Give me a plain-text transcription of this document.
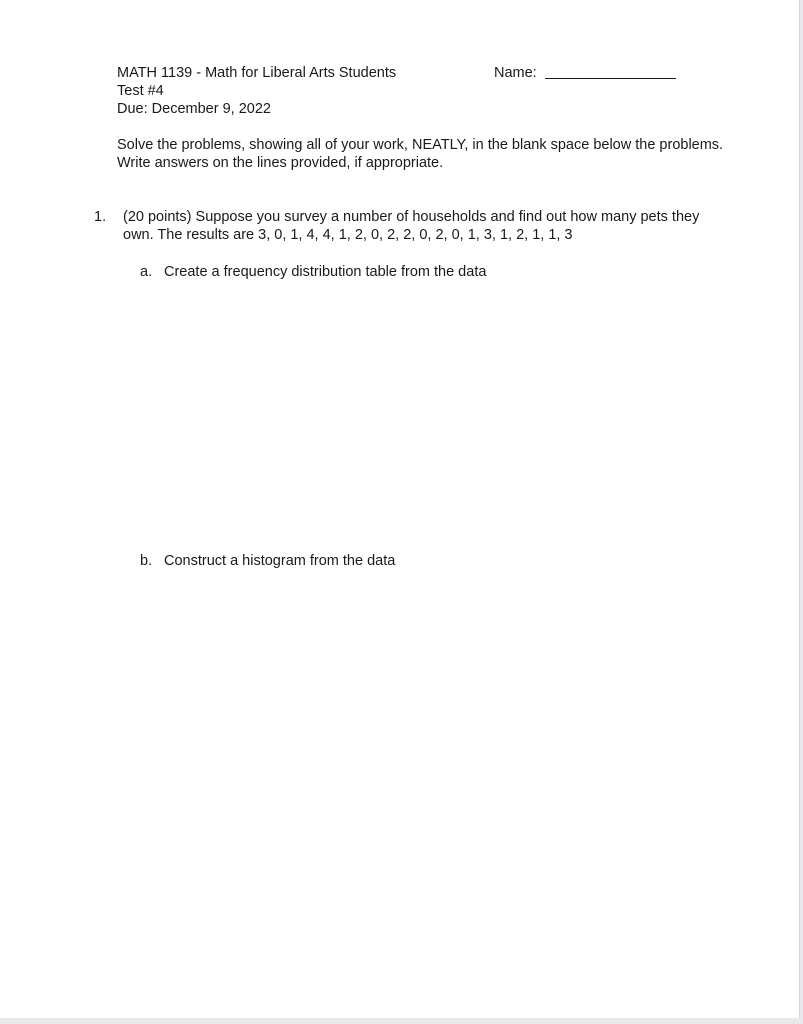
MATH 1139 - Math for Liberal Arts Students
Test #4
Due: December 9, 2022
Name:
Solve the problems, showing all of your work, NEATLY, in the blank space below the problems. Write answers on the lines provided, if appropriate.
1. (20 points) Suppose you survey a number of households and find out how many pets they own. The results are 3, 0, 1, 4, 4, 1, 2, 0, 2, 2, 0, 2, 0, 1, 3, 1, 2, 1, 1, 3
a. Create a frequency distribution table from the data
b. Construct a histogram from the data
